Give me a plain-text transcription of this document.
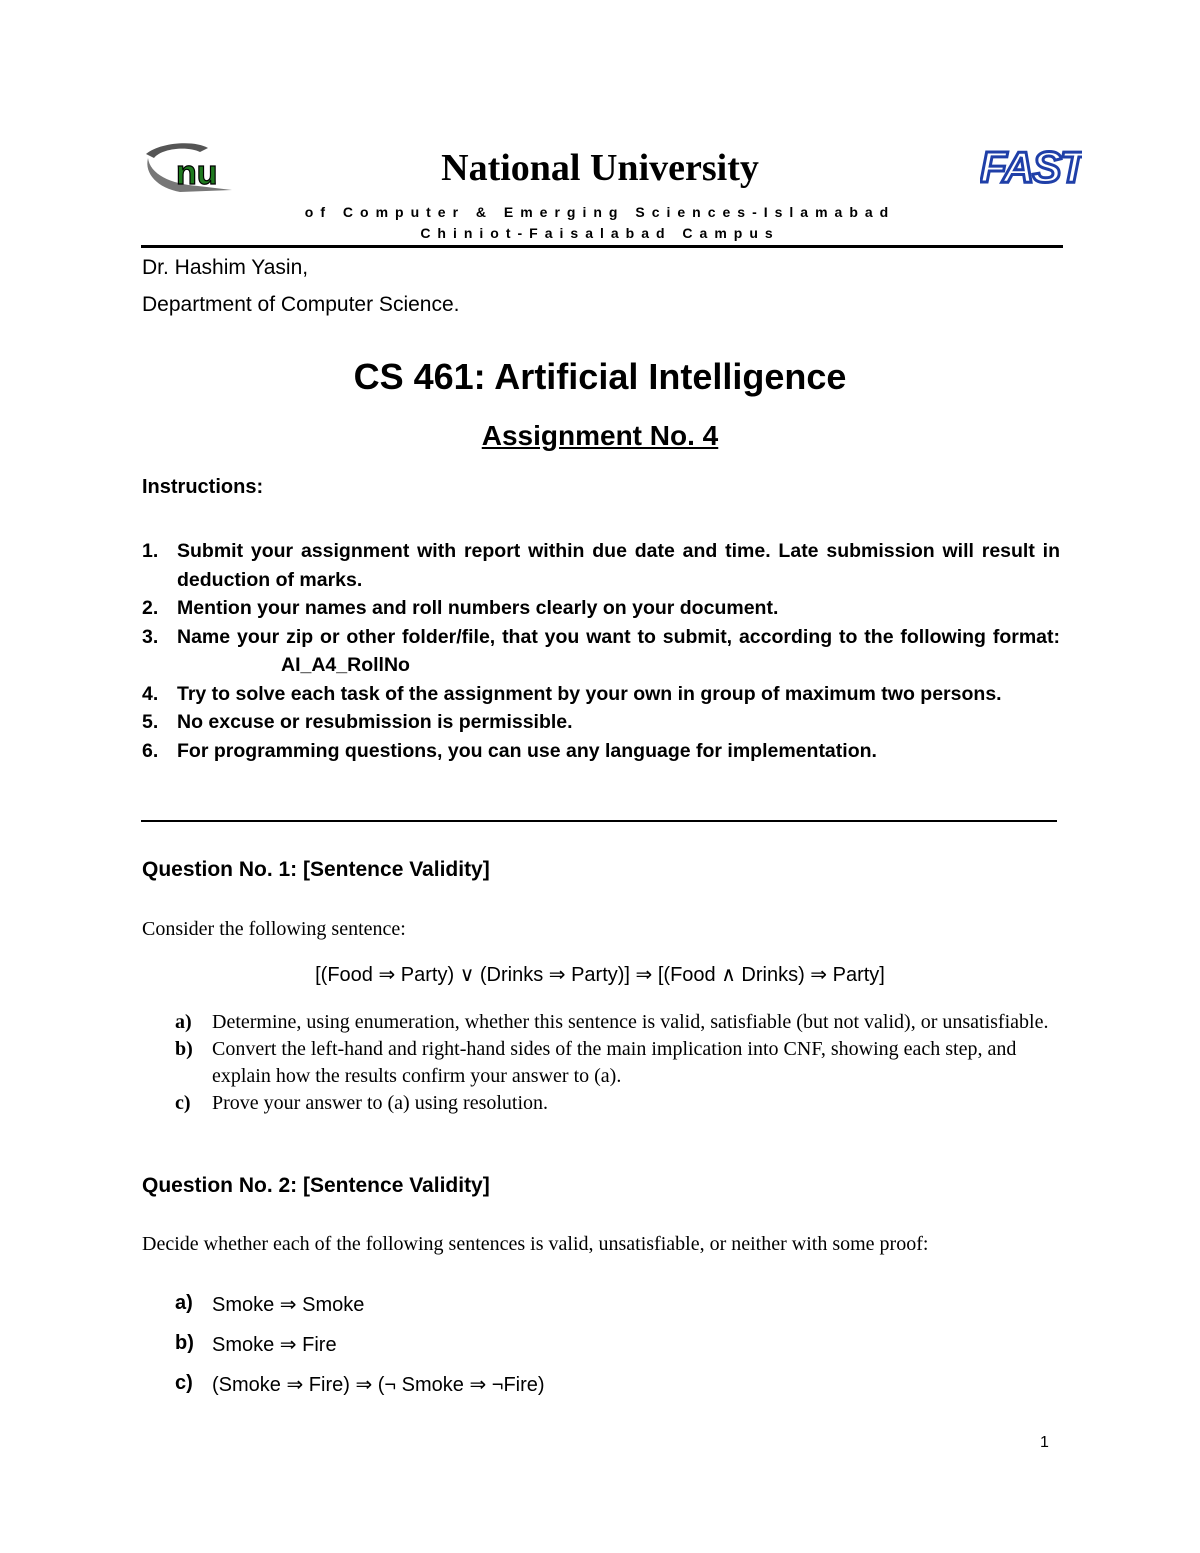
nu	FAST
National University
of Computer & Emerging Sciences-Islamabad
Chiniot-Faisalabad Campus
Dr. Hashim Yasin,
Department of Computer Science.
CS 461: Artificial Intelligence
Assignment No. 4
Instructions:
1. Submit your assignment with report within due date and time. Late submission will result in deduction of marks.
2. Mention your names and roll numbers clearly on your document.
3. Name your zip or other folder/file, that you want to submit, according to the following format:AI_A4_RollNo
4. Try to solve each task of the assignment by your own in group of maximum two persons.
5. No excuse or resubmission is permissible.
6. For programming questions, you can use any language for implementation.
Question No. 1: [Sentence Validity]
Consider the following sentence:
[(Food ⇒ Party) ∨ (Drinks ⇒ Party)] ⇒ [(Food ∧ Drinks) ⇒ Party]
a) Determine, using enumeration, whether this sentence is valid, satisfiable (but not valid), or unsatisfiable.
b) Convert the left-hand and right-hand sides of the main implication into CNF, showing each step, and explain how the results confirm your answer to (a).
c) Prove your answer to (a) using resolution.
Question No. 2: [Sentence Validity]
Decide whether each of the following sentences is valid, unsatisfiable, or neither with some proof:
a) Smoke ⇒ Smoke
b) Smoke ⇒ Fire
c) (Smoke ⇒ Fire) ⇒ (¬ Smoke ⇒ ¬Fire)
1
